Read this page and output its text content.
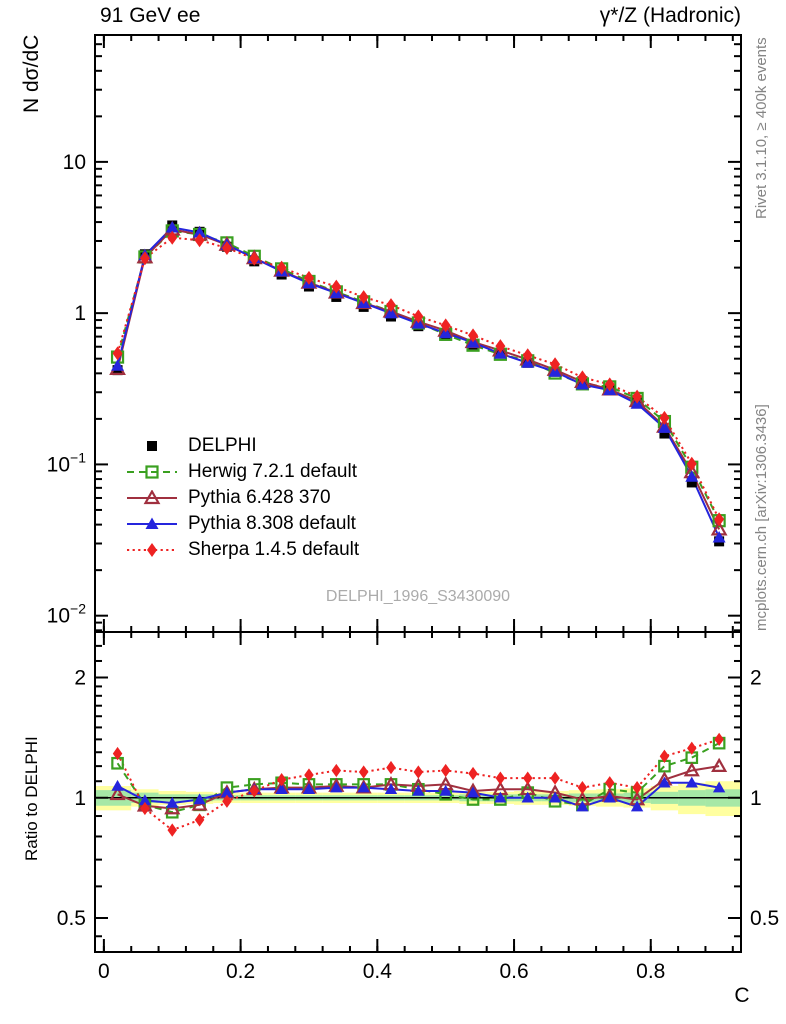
0	0.2	0.4	0.6	0.8
10
1
$10^{-1}$
$10^{-2}$
2	2
1	1
0.5	0.5
91 GeV ee	γ*/Z (Hadronic)
Rivet 3.1.10, ≥ 400k events
mcplots.cern.ch [arXiv:1306.3436]
N dσ/dC
Ratio to DELPHI
C
DELPHI_1996_S3430090
DELPHI
Herwig 7.2.1 default
Pythia 6.428 370
Pythia 8.308 default
Sherpa 1.4.5 default
